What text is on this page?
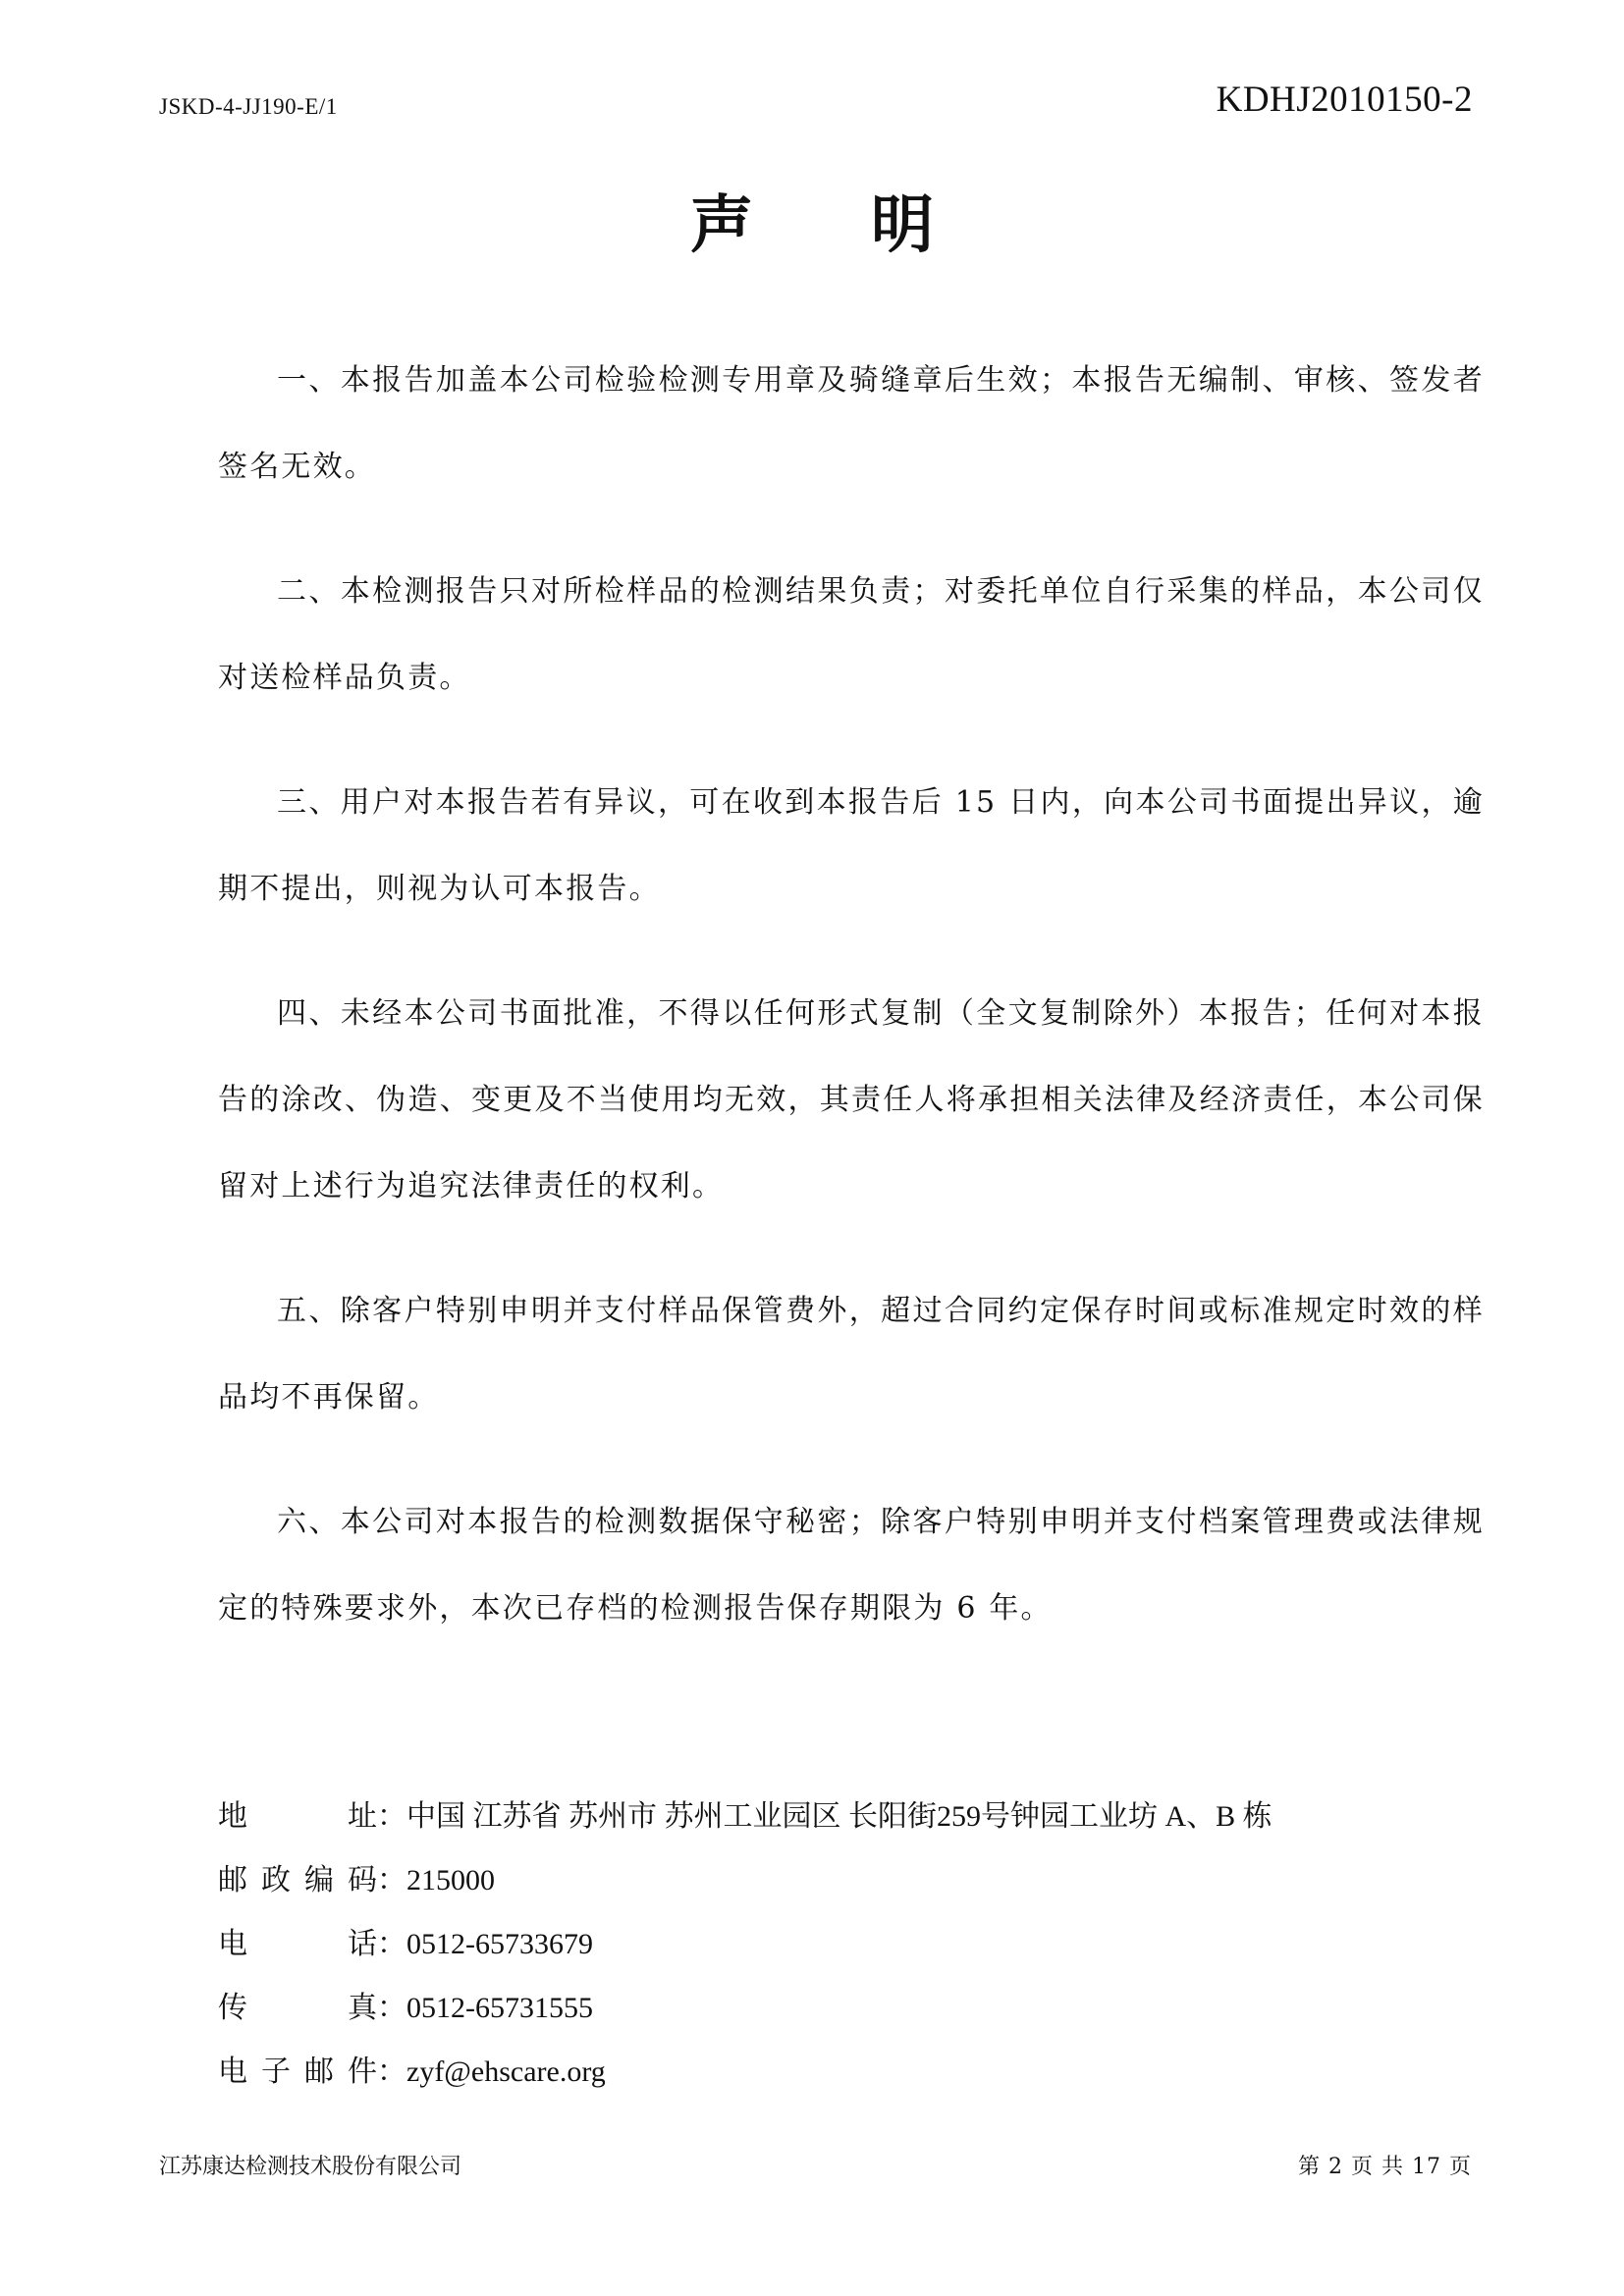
JSKD-4-JJ190-E/1	KDHJ2010150-2
声明

一、本报告加盖本公司检验检测专用章及骑缝章后生效；本报告无编制、审核、签发者签名无效。

二、本检测报告只对所检样品的检测结果负责；对委托单位自行采集的样品，本公司仅对送检样品负责。

三、用户对本报告若有异议，可在收到本报告后 15 日内，向本公司书面提出异议，逾期不提出，则视为认可本报告。

四、未经本公司书面批准，不得以任何形式复制（全文复制除外）本报告；任何对本报告的涂改、伪造、变更及不当使用均无效，其责任人将承担相关法律及经济责任，本公司保留对上述行为追究法律责任的权利。

五、除客户特别申明并支付样品保管费外，超过合同约定保存时间或标准规定时效的样品均不再保留。

六、本公司对本报告的检测数据保守秘密；除客户特别申明并支付档案管理费或法律规定的特殊要求外，本次已存档的检测报告保存期限为 6 年。

地址 ： 中国 江苏省 苏州市 苏州工业园区 长阳街259号钟园工业坊 A、B 栋
邮政编码 ： 215000
电话 ： 0512-65733679
传真 ： 0512-65731555
电子邮件 ： zyf@ehscare.org
江苏康达检测技术股份有限公司	第 2 页 共 17 页
